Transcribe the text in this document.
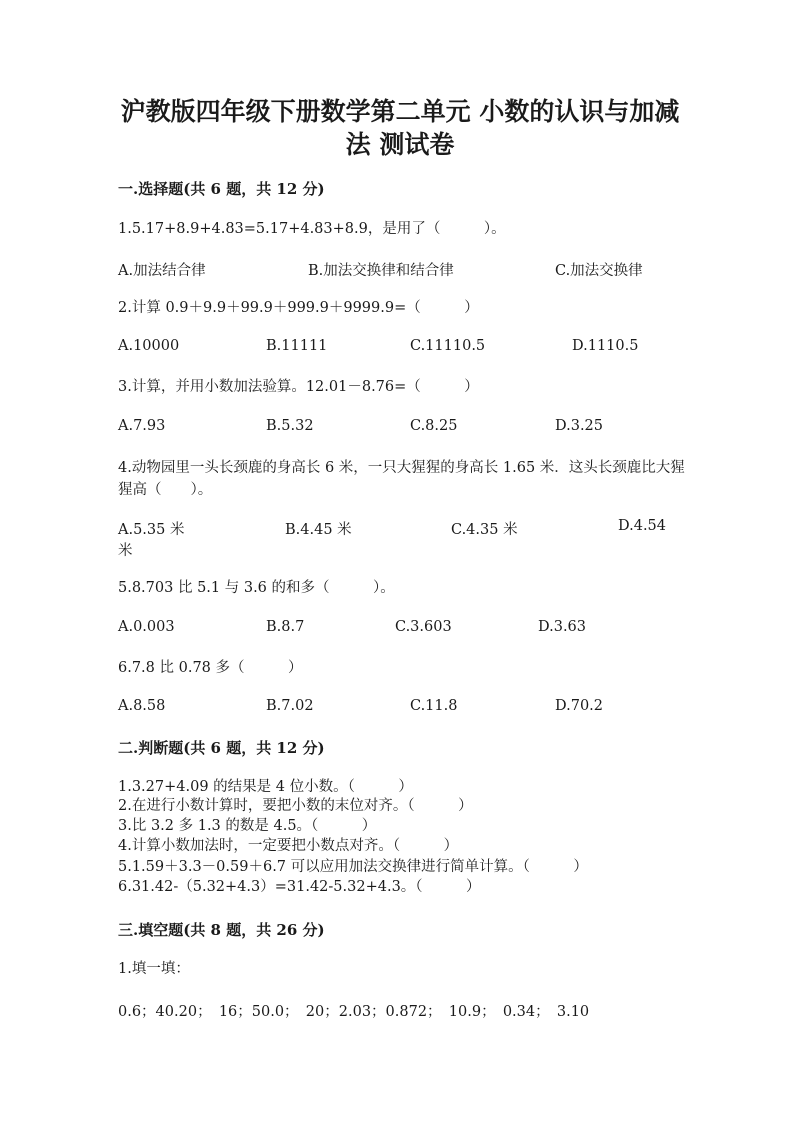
沪教版四年级下册数学第二单元 小数的认识与加减
法 测试卷
一.选择题(共 6 题，共 12 分)

1.5.17+8.9+4.83=5.17+4.83+8.9，是用了（　　　）。

A.加法结合律	B.加法交换律和结合律	C.加法交换律

2.计算 0.9＋9.9＋99.9＋999.9＋9999.9=（　　　）

A.10000	B.11111	C.11110.5	D.1110.5

3.计算，并用小数加法验算。12.01－8.76=（　　　）

A.7.93	B.5.32	C.8.25	D.3.25

4.动物园里一头长颈鹿的身高长 6 米，一只大猩猩的身高长 1.65 米．这头长颈鹿比大猩猩高（　　）。

A.5.35 米	B.4.45 米	C.4.35 米	D.4.54
米

5.8.703 比 5.1 与 3.6 的和多（　　　）。

A.0.003	B.8.7	C.3.603	D.3.63

6.7.8 比 0.78 多（　　　）

A.8.58	B.7.02	C.11.8	D.70.2
二.判断题(共 6 题，共 12 分)

1.3.27+4.09 的结果是 4 位小数。（　　　）

2.在进行小数计算时，要把小数的末位对齐。（　　　）

3.比 3.2 多 1.3 的数是 4.5。（　　　）

4.计算小数加法时，一定要把小数点对齐。（　　　）

5.1.59＋3.3－0.59＋6.7 可以应用加法交换律进行简单计算。（　　　）

6.31.42-（5.32+4.3）=31.42-5.32+4.3。（　　　）

三.填空题(共 8 题，共 26 分)

1.填一填：

0.6；40.20；　16；50.0；　20；2.03；0.872；　10.9；　0.34；　3.10
